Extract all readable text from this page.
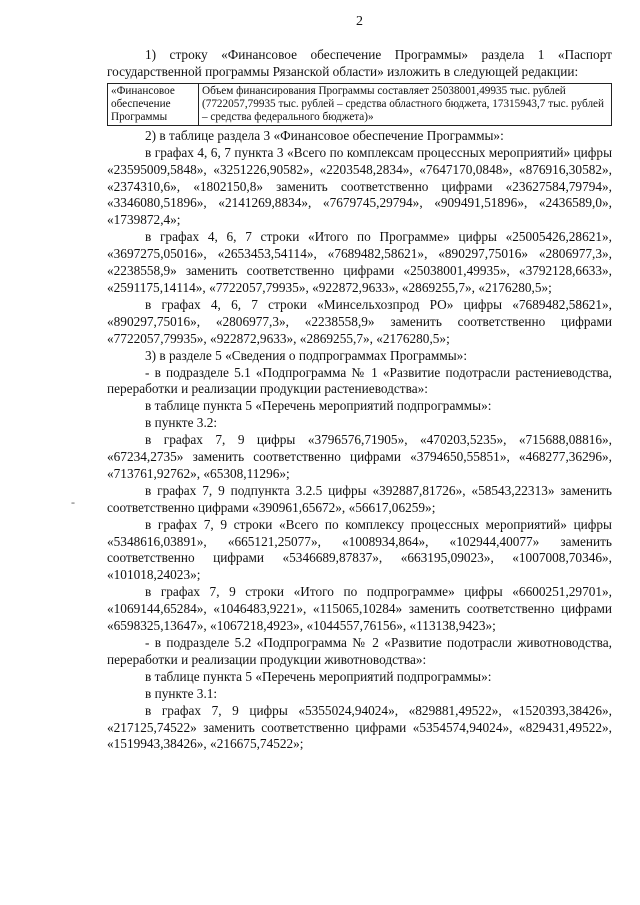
2

1) строку «Финансовое обеспечение Программы» раздела 1 «Паспорт государственной программы Рязанской области» изложить в следующей редакции:

«Финансовое обеспечение Программы	Объем финансирования Программы составляет 25038001,49935 тыс. рублей (7722057,79935 тыс. рублей – средства областного бюджета, 17315943,7 тыс. рублей – средства федерального бюджета)»

2) в таблице раздела 3 «Финансовое обеспечение Программы»:

в графах 4, 6, 7 пункта 3 «Всего по комплексам процессных мероприятий» цифры «23595009,5848», «3251226,90582», «2203548,2834», «7647170,0848», «876916,30582», «2374310,6», «1802150,8» заменить соответственно цифрами «23627584,79794», «3346080,51896», «2141269,8834», «7679745,29794», «909491,51896», «2436589,0», «1739872,4»;

в графах 4, 6, 7 строки «Итого по Программе» цифры «25005426,28621», «3697275,05016», «2653453,54114», «7689482,58621», «890297,75016» «2806977,3», «2238558,9» заменить соответственно цифрами «25038001,49935», «3792128,6633», «2591175,14114», «7722057,79935», «922872,9633», «2869255,7», «2176280,5»;

в графах 4, 6, 7 строки «Минсельхозпрод РО» цифры «7689482,58621», «890297,75016», «2806977,3», «2238558,9» заменить соответственно цифрами «7722057,79935», «922872,9633», «2869255,7», «2176280,5»;

3) в разделе 5 «Сведения о подпрограммах Программы»:

- в подразделе 5.1 «Подпрограмма № 1 «Развитие подотрасли растениеводства, переработки и реализации продукции растениеводства»:

в таблице пункта 5 «Перечень мероприятий подпрограммы»:

в пункте 3.2:

в графах 7, 9 цифры «3796576,71905», «470203,5235», «715688,08816», «67234,2735» заменить соответственно цифрами «3794650,55851», «468277,36296», «713761,92762», «65308,11296»;

в графах 7, 9 подпункта 3.2.5 цифры «392887,81726», «58543,22313» заменить соответственно цифрами «390961,65672», «56617,06259»;

в графах 7, 9 строки «Всего по комплексу процессных мероприятий» цифры «5348616,03891», «665121,25077», «1008934,864», «102944,40077» заменить соответственно цифрами «5346689,87837», «663195,09023», «1007008,70346», «101018,24023»;

в графах 7, 9 строки «Итого по подпрограмме» цифры «6600251,29701», «1069144,65284», «1046483,9221», «115065,10284» заменить соответственно цифрами «6598325,13647», «1067218,4923», «1044557,76156», «113138,9423»;

- в подразделе 5.2 «Подпрограмма № 2 «Развитие подотрасли животноводства, переработки и реализации продукции животноводства»:

в таблице пункта 5 «Перечень мероприятий подпрограммы»:

в пункте 3.1:

в графах 7, 9 цифры «5355024,94024», «829881,49522», «1520393,38426», «217125,74522» заменить соответственно цифрами «5354574,94024», «829431,49522», «1519943,38426», «216675,74522»;

-
